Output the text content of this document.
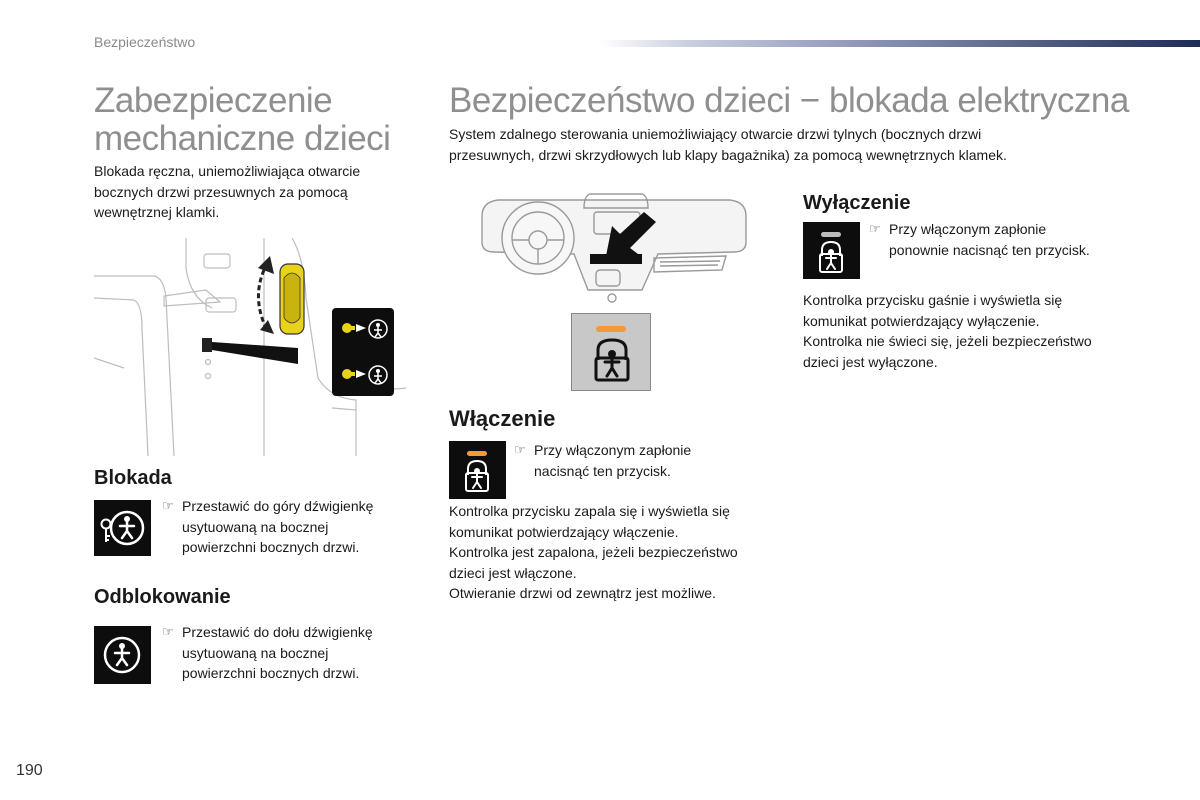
Bezpieczeństwo
Zabezpieczenie
mechaniczne dzieci
Blokada ręczna, uniemożliwiająca otwarcie
bocznych drzwi przesuwnych za pomocą
wewnętrznej klamki.
Blokada
☞ Przestawić do góry dźwigienkę
usytuowaną na bocznej
powierzchni bocznych drzwi.
Odblokowanie
☞ Przestawić do dołu dźwigienkę
usytuowaną na bocznej
powierzchni bocznych drzwi.
Bezpieczeństwo dzieci − blokada elektryczna
System zdalnego sterowania uniemożliwiający otwarcie drzwi tylnych (bocznych drzwi
przesuwnych, drzwi skrzydłowych lub klapy bagażnika) za pomocą wewnętrznych klamek.
Włączenie
☞ Przy włączonym zapłonie
nacisnąć ten przycisk.
Kontrolka przycisku zapala się i wyświetla się
komunikat potwierdzający włączenie.
Kontrolka jest zapalona, jeżeli bezpieczeństwo
dzieci jest włączone.
Otwieranie drzwi od zewnątrz jest możliwe.
Wyłączenie
☞ Przy włączonym zapłonie
ponownie nacisnąć ten przycisk.
Kontrolka przycisku gaśnie i wyświetla się
komunikat potwierdzający wyłączenie.
Kontrolka nie świeci się, jeżeli bezpieczeństwo
dzieci jest wyłączone.
190
